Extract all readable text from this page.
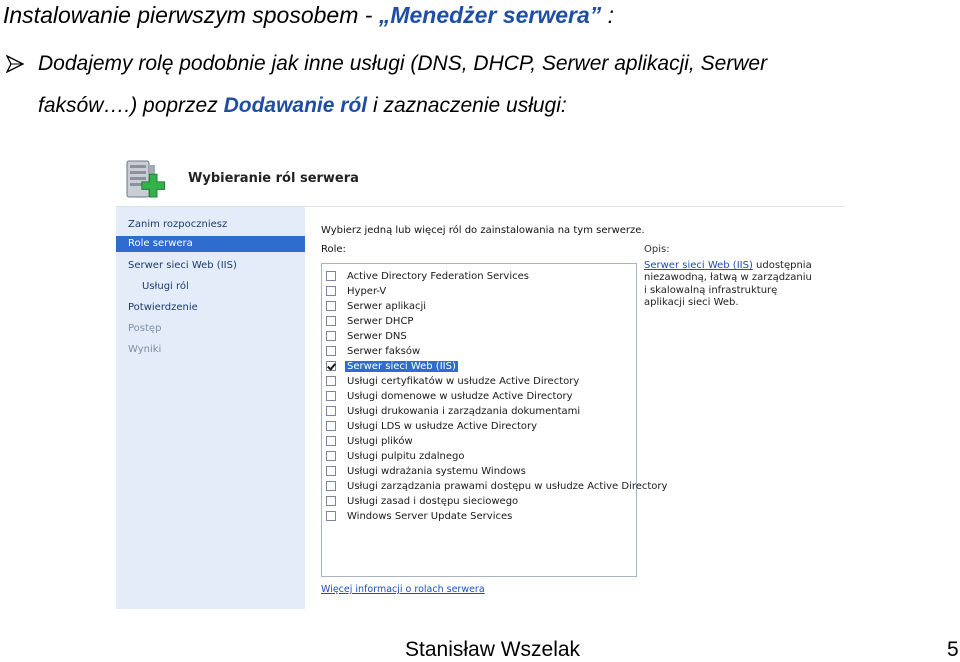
Instalowanie pierwszym sposobem - „Menedżer serwera” :
Dodajemy rolę podobnie jak inne usługi (DNS, DHCP, Serwer aplikacji, Serwer
faksów….) poprzez Dodawanie ról i zaznaczenie usługi:
Wybieranie ról serwera
Zanim rozpoczniesz
Role serwera
Serwer sieci Web (IIS)
Usługi ról
Potwierdzenie
Postęp
Wyniki
Wybierz jedną lub więcej ról do zainstalowania na tym serwerze.
Role:
Active Directory Federation Services
Hyper-V
Serwer aplikacji
Serwer DHCP
Serwer DNS
Serwer faksów
Serwer sieci Web (IIS)
Usługi certyfikatów w usłudze Active Directory
Usługi domenowe w usłudze Active Directory
Usługi drukowania i zarządzania dokumentami
Usługi LDS w usłudze Active Directory
Usługi plików
Usługi pulpitu zdalnego
Usługi wdrażania systemu Windows
Usługi zarządzania prawami dostępu w usłudze Active Directory
Usługi zasad i dostępu sieciowego
Windows Server Update Services
Opis:
Serwer sieci Web (IIS) udostępnia niezawodną, łatwą w zarządzaniu i skalowalną infrastrukturę aplikacji sieci Web.
Więcej informacji o rolach serwera
Stanisław Wszelak	5
